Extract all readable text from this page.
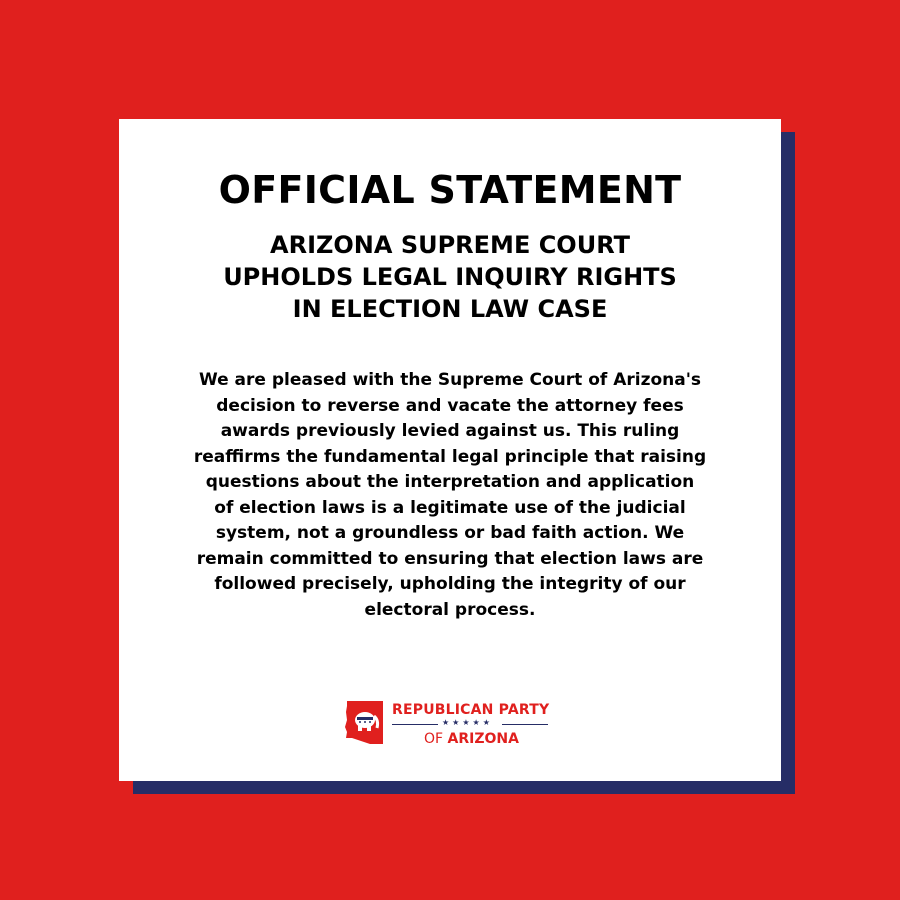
OFFICIAL STATEMENT
ARIZONA SUPREME COURT
UPHOLDS LEGAL INQUIRY RIGHTS
IN ELECTION LAW CASE
We are pleased with the Supreme Court of Arizona's
decision to reverse and vacate the attorney fees
awards previously levied against us. This ruling
reaffirms the fundamental legal principle that raising
questions about the interpretation and application
of election laws is a legitimate use of the judicial
system, not a groundless or bad faith action. We
remain committed to ensuring that election laws are
followed precisely, upholding the integrity of our
electoral process.
REPUBLICAN PARTY
★★★★★
OF ARIZONA
